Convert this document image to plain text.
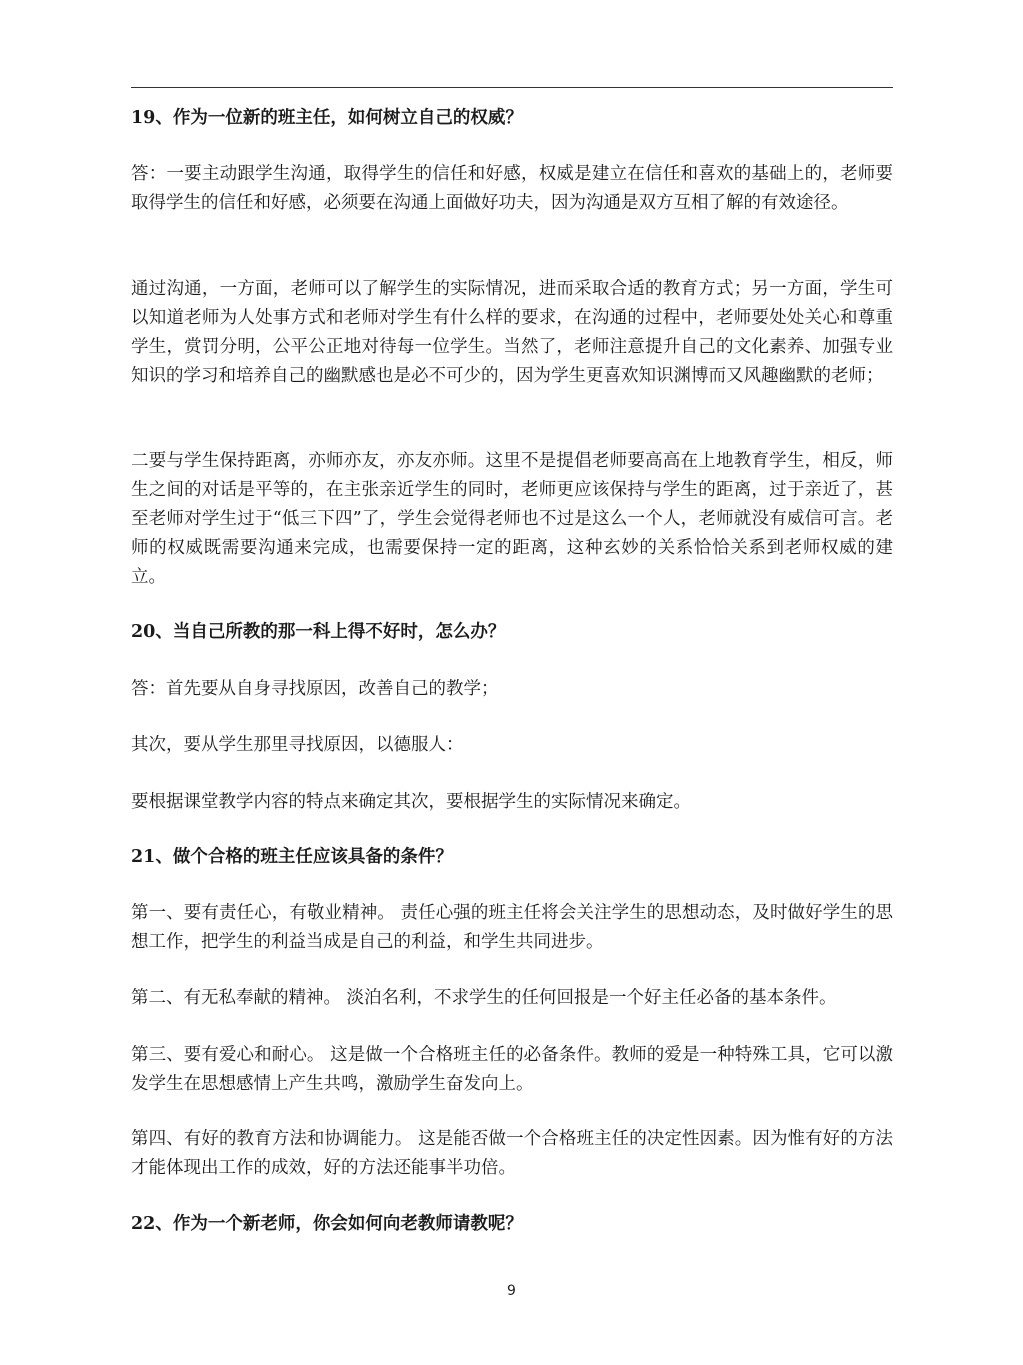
19、作为一位新的班主任，如何树立自己的权威？

答：一要主动跟学生沟通，取得学生的信任和好感，权威是建立在信任和喜欢的基础上的，老师要取得学生的信任和好感，必须要在沟通上面做好功夫，因为沟通是双方互相了解的有效途径。

通过沟通，一方面，老师可以了解学生的实际情况，进而采取合适的教育方式；另一方面，学生可以知道老师为人处事方式和老师对学生有什么样的要求，在沟通的过程中，老师要处处关心和尊重学生，赏罚分明，公平公正地对待每一位学生。当然了，老师注意提升自己的文化素养、加强专业知识的学习和培养自己的幽默感也是必不可少的，因为学生更喜欢知识渊博而又风趣幽默的老师；

二要与学生保持距离，亦师亦友，亦友亦师。这里不是提倡老师要高高在上地教育学生，相反，师生之间的对话是平等的，在主张亲近学生的同时，老师更应该保持与学生的距离，过于亲近了，甚至老师对学生过于“低三下四”了，学生会觉得老师也不过是这么一个人，老师就没有威信可言。老师的权威既需要沟通来完成，也需要保持一定的距离，这种玄妙的关系恰恰关系到老师权威的建立。

20、当自己所教的那一科上得不好时，怎么办？

答：首先要从自身寻找原因，改善自己的教学；

其次，要从学生那里寻找原因，以德服人：

要根据课堂教学内容的特点来确定其次，要根据学生的实际情况来确定。

21、做个合格的班主任应该具备的条件？

第一、要有责任心，有敬业精神。 责任心强的班主任将会关注学生的思想动态，及时做好学生的思想工作，把学生的利益当成是自己的利益，和学生共同进步。

第二、有无私奉献的精神。 淡泊名利，不求学生的任何回报是一个好主任必备的基本条件。

第三、要有爱心和耐心。 这是做一个合格班主任的必备条件。教师的爱是一种特殊工具，它可以激发学生在思想感情上产生共鸣，激励学生奋发向上。

第四、有好的教育方法和协调能力。 这是能否做一个合格班主任的决定性因素。因为惟有好的方法才能体现出工作的成效，好的方法还能事半功倍。

22、作为一个新老师，你会如何向老教师请教呢？

9
